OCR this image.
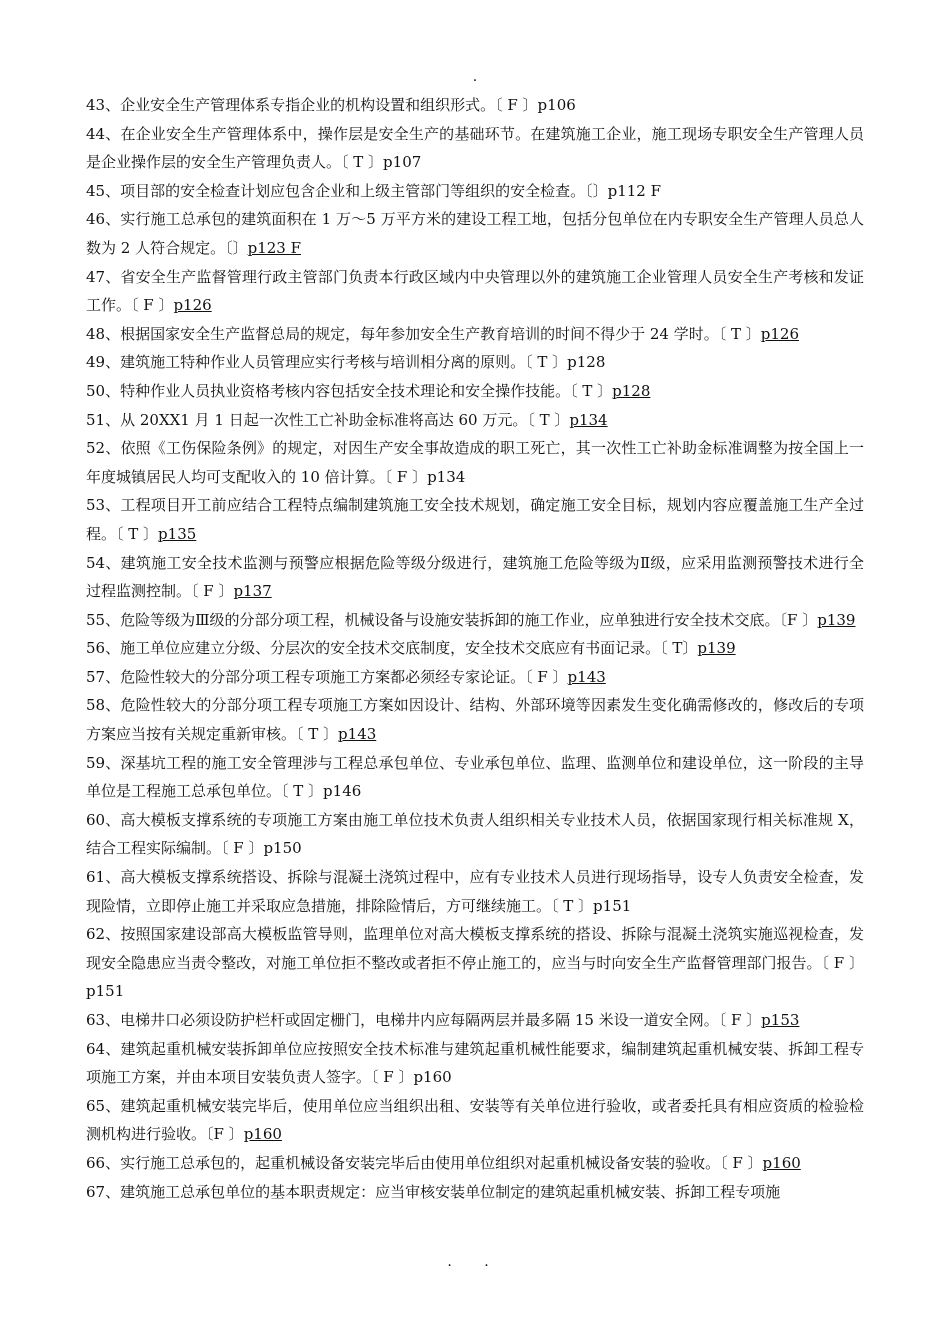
.

43、企业安全生产管理体系专指企业的机构设置和组织形式。〔 F 〕p106

44、在企业安全生产管理体系中，操作层是安全生产的基础环节。在建筑施工企业，施工现场专职安全生产管理人员是企业操作层的安全生产管理负责人。〔 T 〕p107

45、项目部的安全检查计划应包含企业和上级主管部门等组织的安全检查。〔〕p112 F

46、实行施工总承包的建筑面积在 1 万～5 万平方米的建设工程工地，包括分包单位在内专职安全生产管理人员总人数为 2 人符合规定。〔〕p123 F

47、省安全生产监督管理行政主管部门负责本行政区域内中央管理以外的建筑施工企业管理人员安全生产考核和发证工作。〔 F 〕p126

48、根据国家安全生产监督总局的规定，每年参加安全生产教育培训的时间不得少于 24 学时。〔 T 〕p126

49、建筑施工特种作业人员管理应实行考核与培训相分离的原则。〔 T 〕p128

50、特种作业人员执业资格考核内容包括安全技术理论和安全操作技能。〔 T 〕p128

51、从 20XX1 月 1 日起一次性工亡补助金标准将高达 60 万元。〔 T 〕p134

52、依照《工伤保险条例》的规定，对因生产安全事故造成的职工死亡，其一次性工亡补助金标准调整为按全国上一年度城镇居民人均可支配收入的 10 倍计算。〔 F 〕p134

53、工程项目开工前应结合工程特点编制建筑施工安全技术规划，确定施工安全目标，规划内容应覆盖施工生产全过程。〔 T 〕p135

54、建筑施工安全技术监测与预警应根据危险等级分级进行，建筑施工危险等级为Ⅱ级，应采用监测预警技术进行全过程监测控制。〔 F 〕p137

55、危险等级为Ⅲ级的分部分项工程，机械设备与设施安装拆卸的施工作业，应单独进行安全技术交底。〔F 〕p139

56、施工单位应建立分级、分层次的安全技术交底制度，安全技术交底应有书面记录。〔 T〕p139

57、危险性较大的分部分项工程专项施工方案都必须经专家论证。〔 F 〕p143

58、危险性较大的分部分项工程专项施工方案如因设计、结构、外部环境等因素发生变化确需修改的，修改后的专项方案应当按有关规定重新审核。〔 T 〕p143

59、深基坑工程的施工安全管理涉与工程总承包单位、专业承包单位、监理、监测单位和建设单位，这一阶段的主导单位是工程施工总承包单位。〔 T 〕p146

60、高大模板支撑系统的专项施工方案由施工单位技术负责人组织相关专业技术人员，依据国家现行相关标准规 X，结合工程实际编制。〔 F 〕p150

61、高大模板支撑系统搭设、拆除与混凝土浇筑过程中，应有专业技术人员进行现场指导，设专人负责安全检查，发现险情，立即停止施工并采取应急措施，排除险情后，方可继续施工。〔 T 〕p151

62、按照国家建设部高大模板监管导则，监理单位对高大模板支撑系统的搭设、拆除与混凝土浇筑实施巡视检查，发现安全隐患应当责令整改，对施工单位拒不整改或者拒不停止施工的，应当与时向安全生产监督管理部门报告。〔 F 〕p151

63、电梯井口必须设防护栏杆或固定栅门，电梯井内应每隔两层并最多隔 15 米设一道安全网。〔 F 〕p153

64、建筑起重机械安装拆卸单位应按照安全技术标准与建筑起重机械性能要求，编制建筑起重机械安装、拆卸工程专项施工方案，并由本项目安装负责人签字。〔 F 〕p160

65、建筑起重机械安装完毕后，使用单位应当组织出租、安装等有关单位进行验收，或者委托具有相应资质的检验检测机构进行验收。〔F 〕p160

66、实行施工总承包的，起重机械设备安装完毕后由使用单位组织对起重机械设备安装的验收。〔 F 〕p160

67、建筑施工总承包单位的基本职责规定：应当审核安装单位制定的建筑起重机械安装、拆卸工程专项施

. .
